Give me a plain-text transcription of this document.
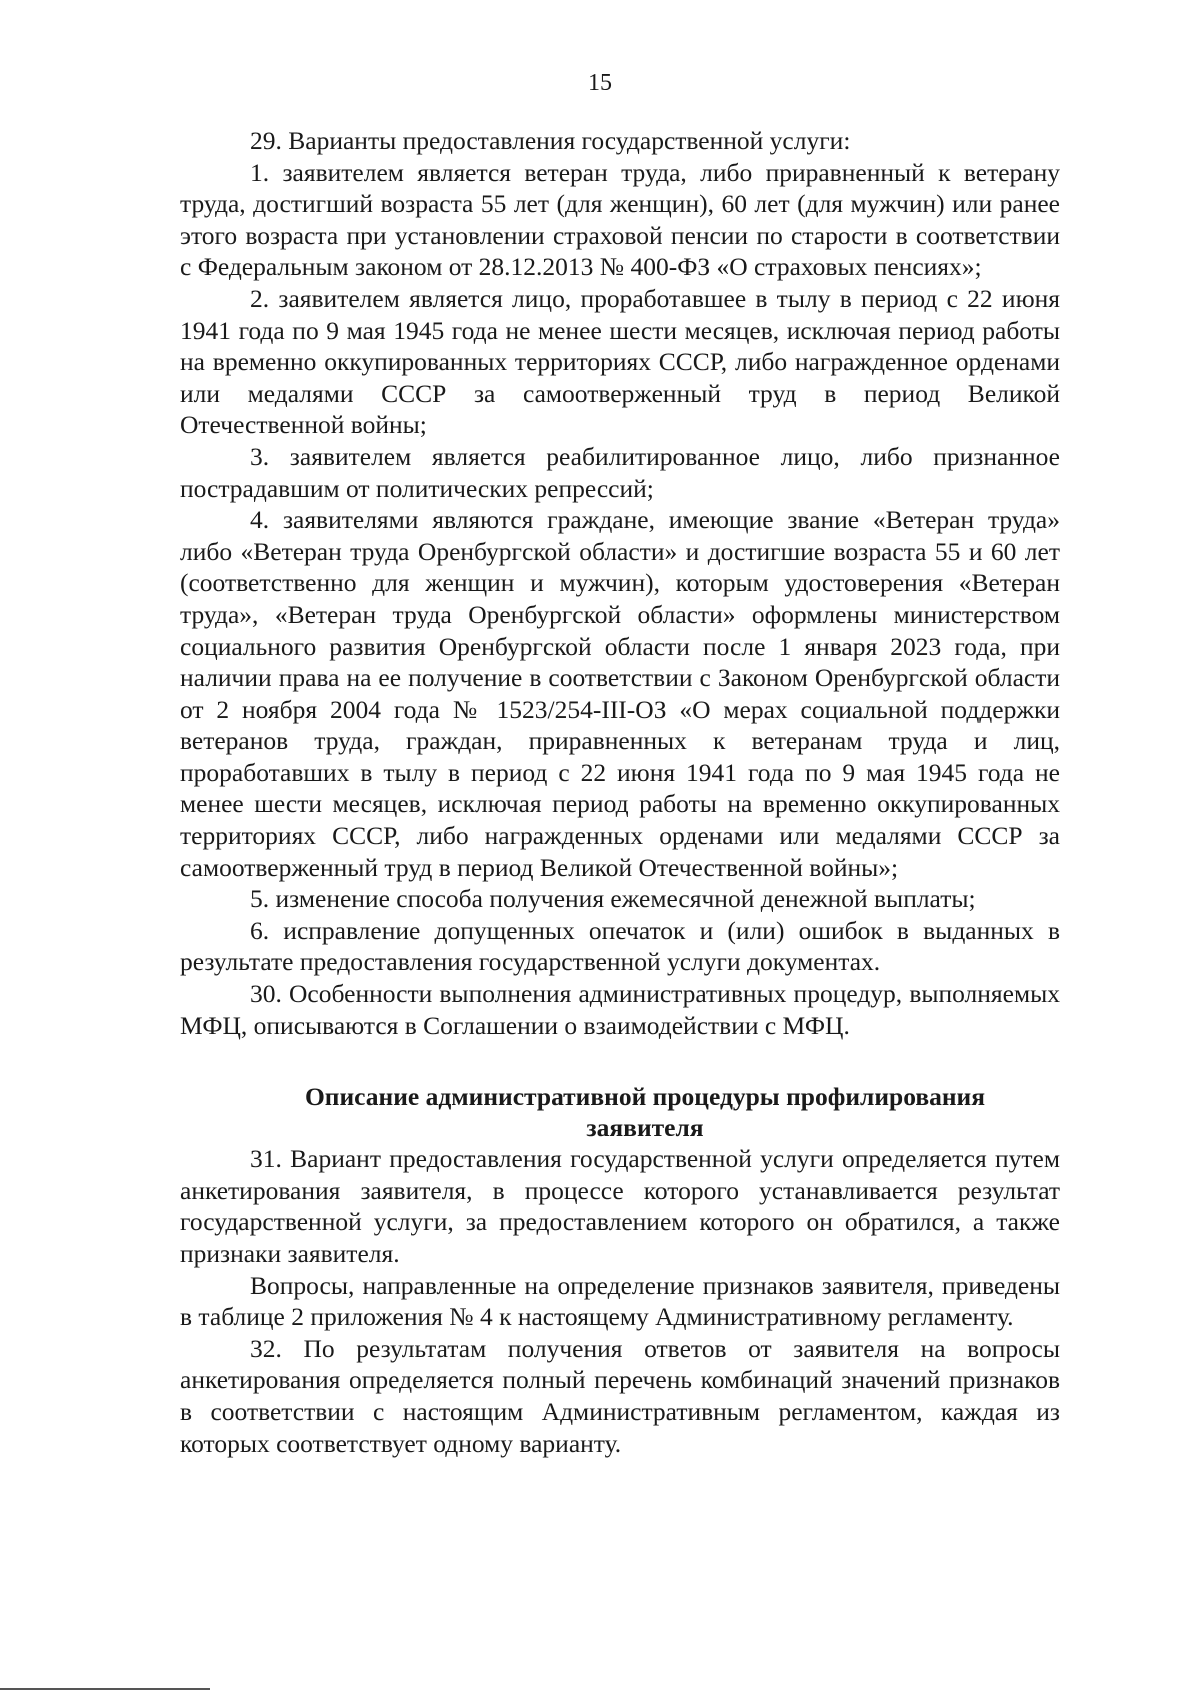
15

29. Варианты предоставления государственной услуги:

1. заявителем является ветеран труда, либо приравненный к ветерану труда, достигший возраста 55 лет (для женщин), 60 лет (для мужчин) или ранее этого возраста при установлении страховой пенсии по старости в соответствии с Федеральным законом от 28.12.2013 № 400-ФЗ «О страховых пенсиях»;

2. заявителем является лицо, проработавшее в тылу в период с 22 июня 1941 года по 9 мая 1945 года не менее шести месяцев, исключая период работы на временно оккупированных территориях СССР, либо награжденное орденами или медалями СССР за самоотверженный труд в период Великой Отечественной войны;

3. заявителем является реабилитированное лицо, либо признанное пострадавшим от политических репрессий;

4. заявителями являются граждане, имеющие звание «Ветеран труда» либо «Ветеран труда Оренбургской области» и достигшие возраста 55 и 60 лет (соответственно для женщин и мужчин), которым удостоверения «Ветеран труда», «Ветеран труда Оренбургской области» оформлены министерством социального развития Оренбургской области после 1 января 2023 года, при наличии права на ее получение в соответствии с Законом Оренбургской области от 2 ноября 2004 года № 1523/254-III-ОЗ «О мерах социальной поддержки ветеранов труда, граждан, приравненных к ветеранам труда и лиц, проработавших в тылу в период с 22 июня 1941 года по 9 мая 1945 года не менее шести месяцев, исключая период работы на временно оккупированных территориях СССР, либо награжденных орденами или медалями СССР за самоотверженный труд в период Великой Отечественной войны»;

5. изменение способа получения ежемесячной денежной выплаты;

6. исправление допущенных опечаток и (или) ошибок в выданных в результате предоставления государственной услуги документах.

30. Особенности выполнения административных процедур, выполняемых МФЦ, описываются в Соглашении о взаимодействии с МФЦ.

Описание административной процедуры профилирования заявителя

31. Вариант предоставления государственной услуги определяется путем анкетирования заявителя, в процессе которого устанавливается результат государственной услуги, за предоставлением которого он обратился, а также признаки заявителя.

Вопросы, направленные на определение признаков заявителя, приведены в таблице 2 приложения № 4 к настоящему Административному регламенту.

32. По результатам получения ответов от заявителя на вопросы анкетирования определяется полный перечень комбинаций значений признаков в соответствии с настоящим Административным регламентом, каждая из которых соответствует одному варианту.
